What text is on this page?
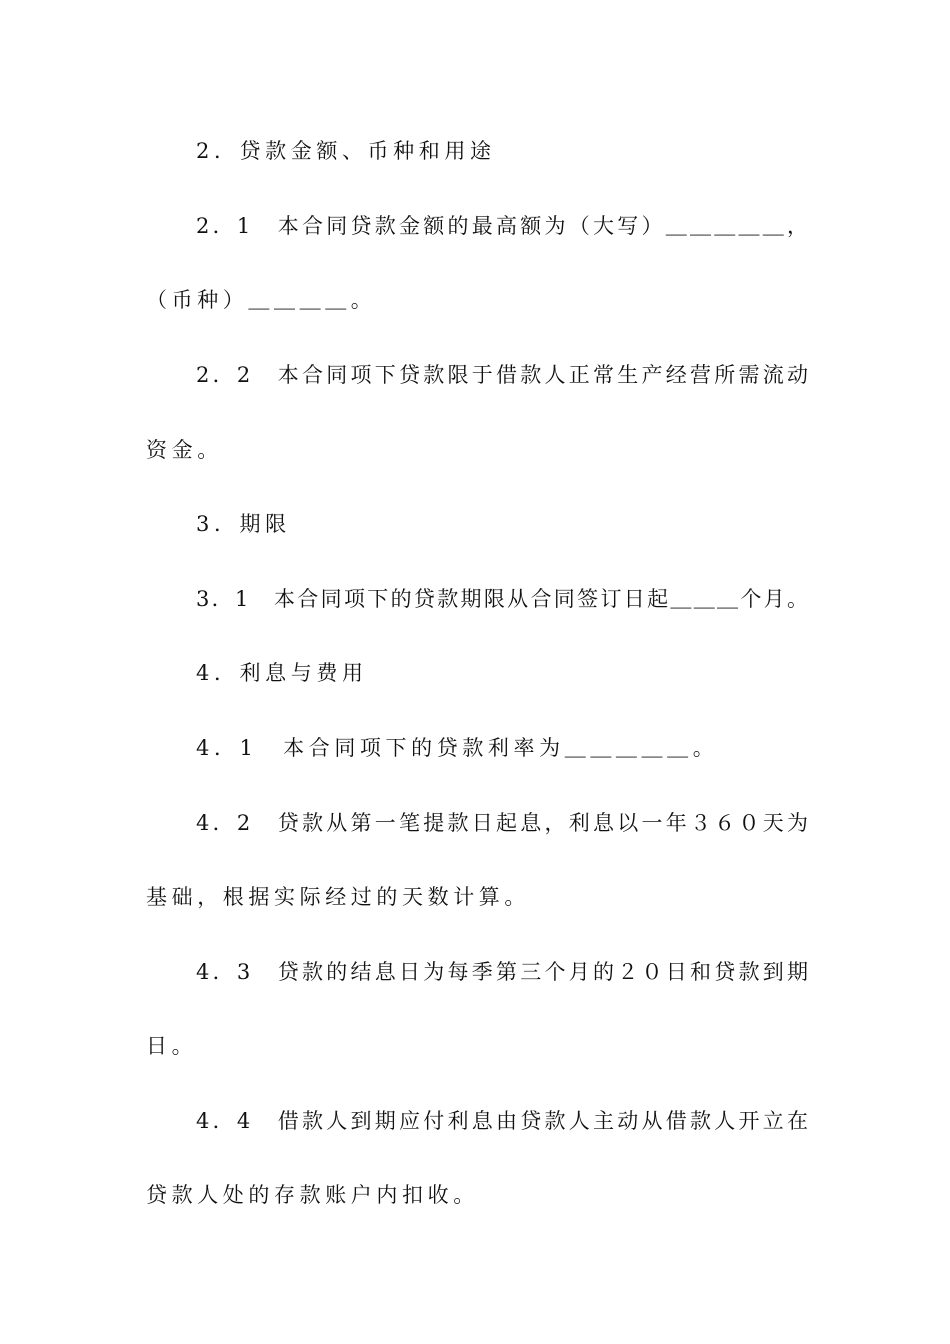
2．贷款金额、币种和用途
2．1　本合同贷款金额的最高额为（大写）＿＿＿＿＿，
（币种）＿＿＿＿。
2．2　本合同项下贷款限于借款人正常生产经营所需流动
资金。
3．期限
3．1　本合同项下的贷款期限从合同签订日起＿＿＿个月。
4．利息与费用
4．1　本合同项下的贷款利率为＿＿＿＿＿。
4．2　贷款从第一笔提款日起息，利息以一年３６０天为
基础，根据实际经过的天数计算。
4．3　贷款的结息日为每季第三个月的２０日和贷款到期
日。
4．4　借款人到期应付利息由贷款人主动从借款人开立在
贷款人处的存款账户内扣收。
